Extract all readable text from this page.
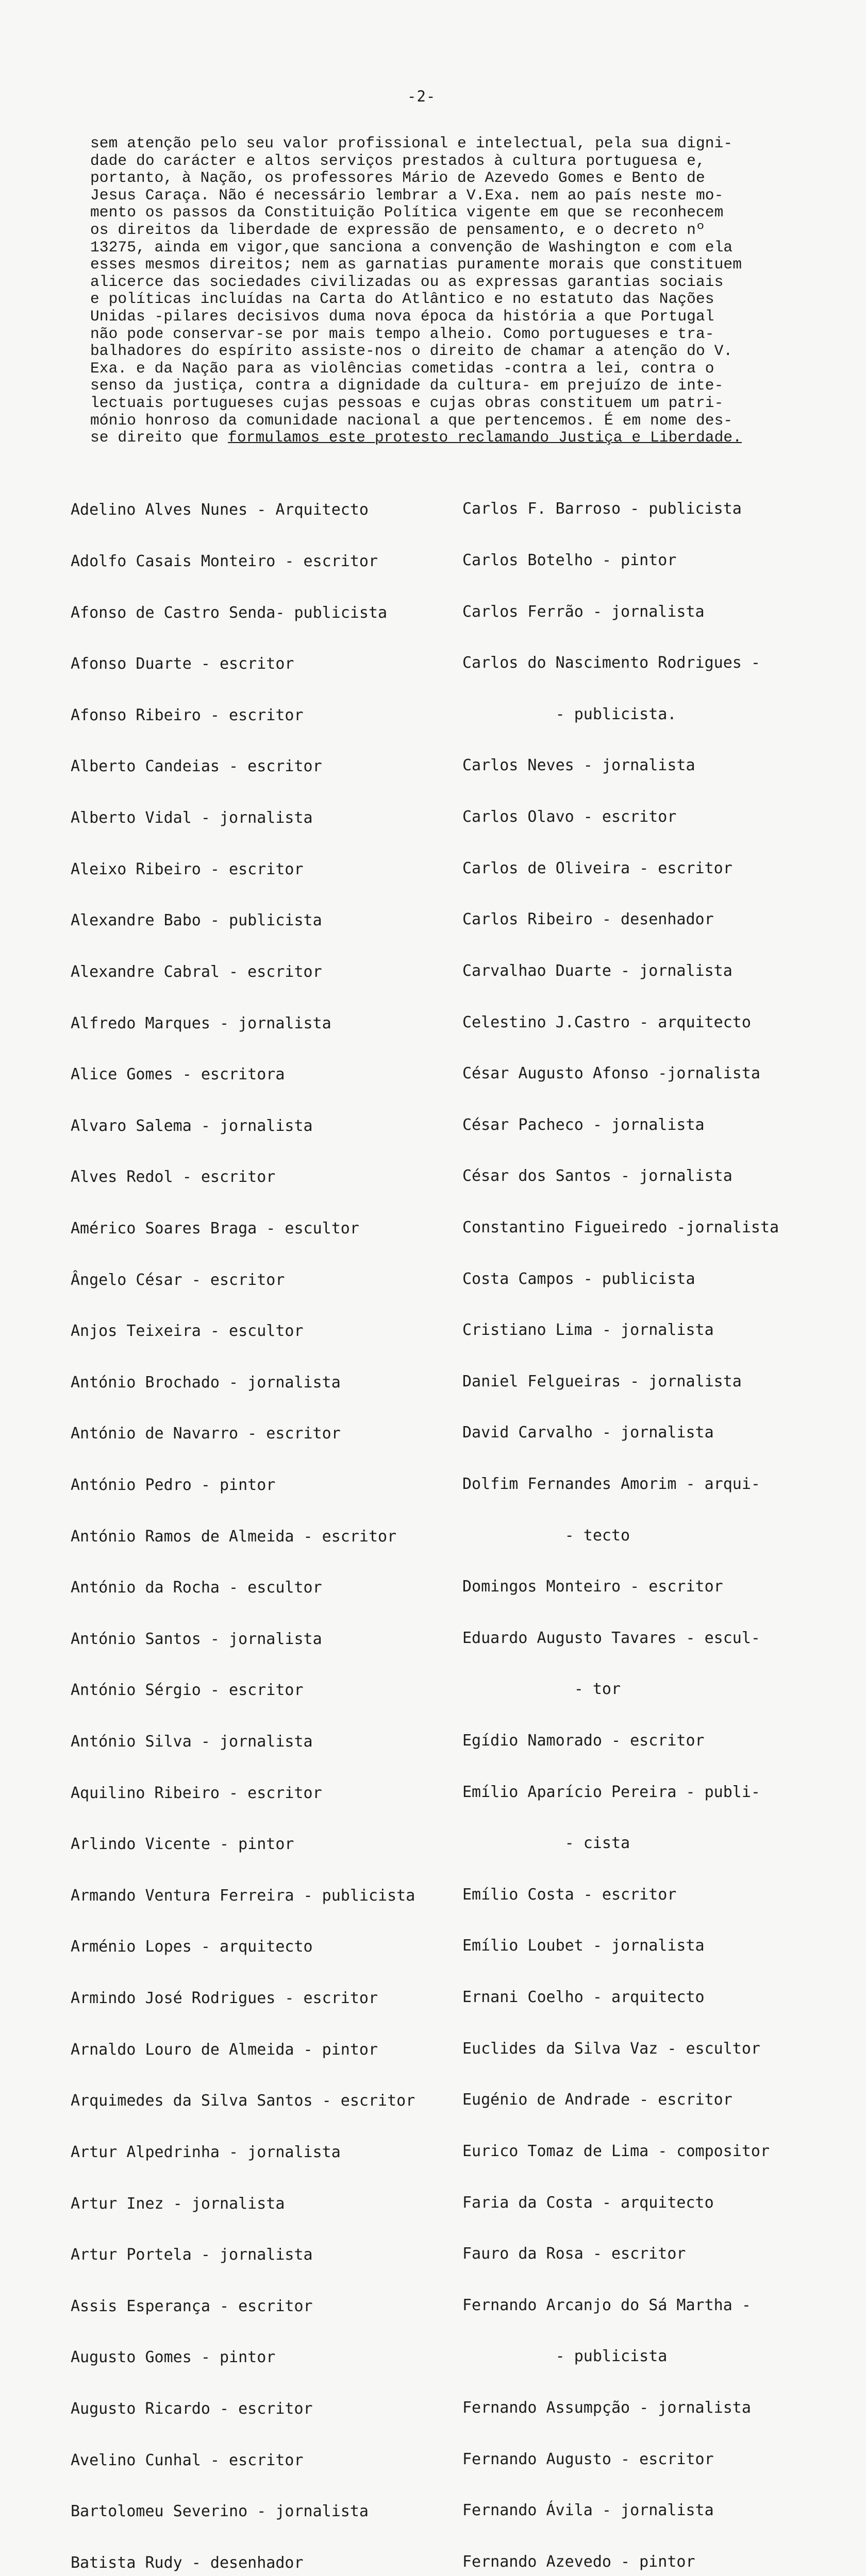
-2-
sem atenção pelo seu valor profissional e intelectual, pela sua digni-
dade do carácter e altos serviços prestados à cultura portuguesa e,
portanto, à Nação, os professores Mário de Azevedo Gomes e Bento de
Jesus Caraça. Não é necessário lembrar a V.Exa. nem ao país neste mo-
mento os passos da Constituição Política vigente em que se reconhecem
os direitos da liberdade de expressão de pensamento, e o decreto nº
13275, ainda em vigor,que sanciona a convenção de Washington e com ela
esses mesmos direitos; nem as garnatias puramente morais que constituem
alicerce das sociedades civilizadas ou as expressas garantias sociais
e políticas incluídas na Carta do Atlântico e no estatuto das Nações
Unidas -pilares decisivos duma nova época da história a que Portugal
não pode conservar-se por mais tempo alheio. Como portugueses e tra-
balhadores do espírito assiste-nos o direito de chamar a atenção do V.
Exa. e da Nação para as violências cometidas -contra a lei, contra o
senso da justiça, contra a dignidade da cultura- em prejuízo de inte-
lectuais portugueses cujas pessoas e cujas obras constituem um patri-
mónio honroso da comunidade nacional a que pertencemos. É em nome des-
se direito que formulamos este protesto reclamando Justiça e Liberdade.

Adelino Alves Nunes - Arquitecto

Adolfo Casais Monteiro - escritor

Afonso de Castro Senda- publicista

Afonso Duarte - escritor

Afonso Ribeiro - escritor

Alberto Candeias - escritor

Alberto Vidal - jornalista

Aleixo Ribeiro - escritor

Alexandre Babo - publicista

Alexandre Cabral - escritor

Alfredo Marques - jornalista

Alice Gomes - escritora

Alvaro Salema - jornalista

Alves Redol - escritor

Américo Soares Braga - escultor

Ângelo César - escritor

Anjos Teixeira - escultor

António Brochado - jornalista

António de Navarro - escritor

António Pedro - pintor

António Ramos de Almeida - escritor

António da Rocha - escultor

António Santos - jornalista

António Sérgio - escritor

António Silva - jornalista

Aquilino Ribeiro - escritor

Arlindo Vicente - pintor

Armando Ventura Ferreira - publicista

Arménio Lopes - arquitecto

Armindo José Rodrigues - escritor

Arnaldo Louro de Almeida - pintor

Arquimedes da Silva Santos - escritor

Artur Alpedrinha - jornalista

Artur Inez - jornalista

Artur Portela - jornalista

Assis Esperança - escritor

Augusto Gomes - pintor

Augusto Ricardo - escritor

Avelino Cunhal - escritor

Bartolomeu Severino - jornalista

Batista Rudy - desenhador

Carlos F. Barroso - publicista

Carlos Botelho - pintor

Carlos Ferrão - jornalista

Carlos do Nascimento Rodrigues -

- publicista.

Carlos Neves - jornalista

Carlos Olavo - escritor

Carlos de Oliveira - escritor

Carlos Ribeiro - desenhador

Carvalhao Duarte - jornalista

Celestino J.Castro - arquitecto

César Augusto Afonso -jornalista

César Pacheco - jornalista

César dos Santos - jornalista

Constantino Figueiredo -jornalista

Costa Campos - publicista

Cristiano Lima - jornalista

Daniel Felgueiras - jornalista

David Carvalho - jornalista

Dolfim Fernandes Amorim - arqui-

- tecto

Domingos Monteiro - escritor

Eduardo Augusto Tavares - escul-

- tor

Egídio Namorado - escritor

Emílio Aparício Pereira - publi-

- cista

Emílio Costa - escritor

Emílio Loubet - jornalista

Ernani Coelho - arquitecto

Euclides da Silva Vaz - escultor

Eugénio de Andrade - escritor

Eurico Tomaz de Lima - compositor

Faria da Costa - arquitecto

Fauro da Rosa - escritor

Fernando Arcanjo do Sá Martha -

- publicista

Fernando Assumpção - jornalista

Fernando Augusto - escritor

Fernando Ávila - jornalista

Fernando Azevedo - pintor
